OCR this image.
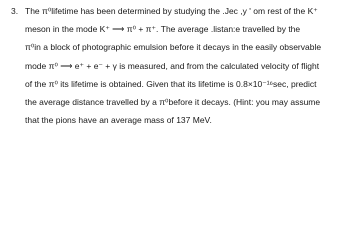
3. The π⁰lifetime has been determined by studying the .Jec ,y ' om rest of the K⁺
meson in the mode K⁺ ⟶ π⁰ + π⁺. The average .listan:e travelled by the
π⁰in a block of photographic emulsion before it decays in the easily observable
mode π⁰ ⟶ e⁺ + e⁻ + γ is measured, and from the calculated velocity of flight
of the π⁰ its lifetime is obtained. Given that its lifetime is 0.8×10⁻¹⁶sec, predict
the average distance travelled by a π⁰before it decays. (Hint: you may assume
that the pions have an average mass of 137 MeV.
